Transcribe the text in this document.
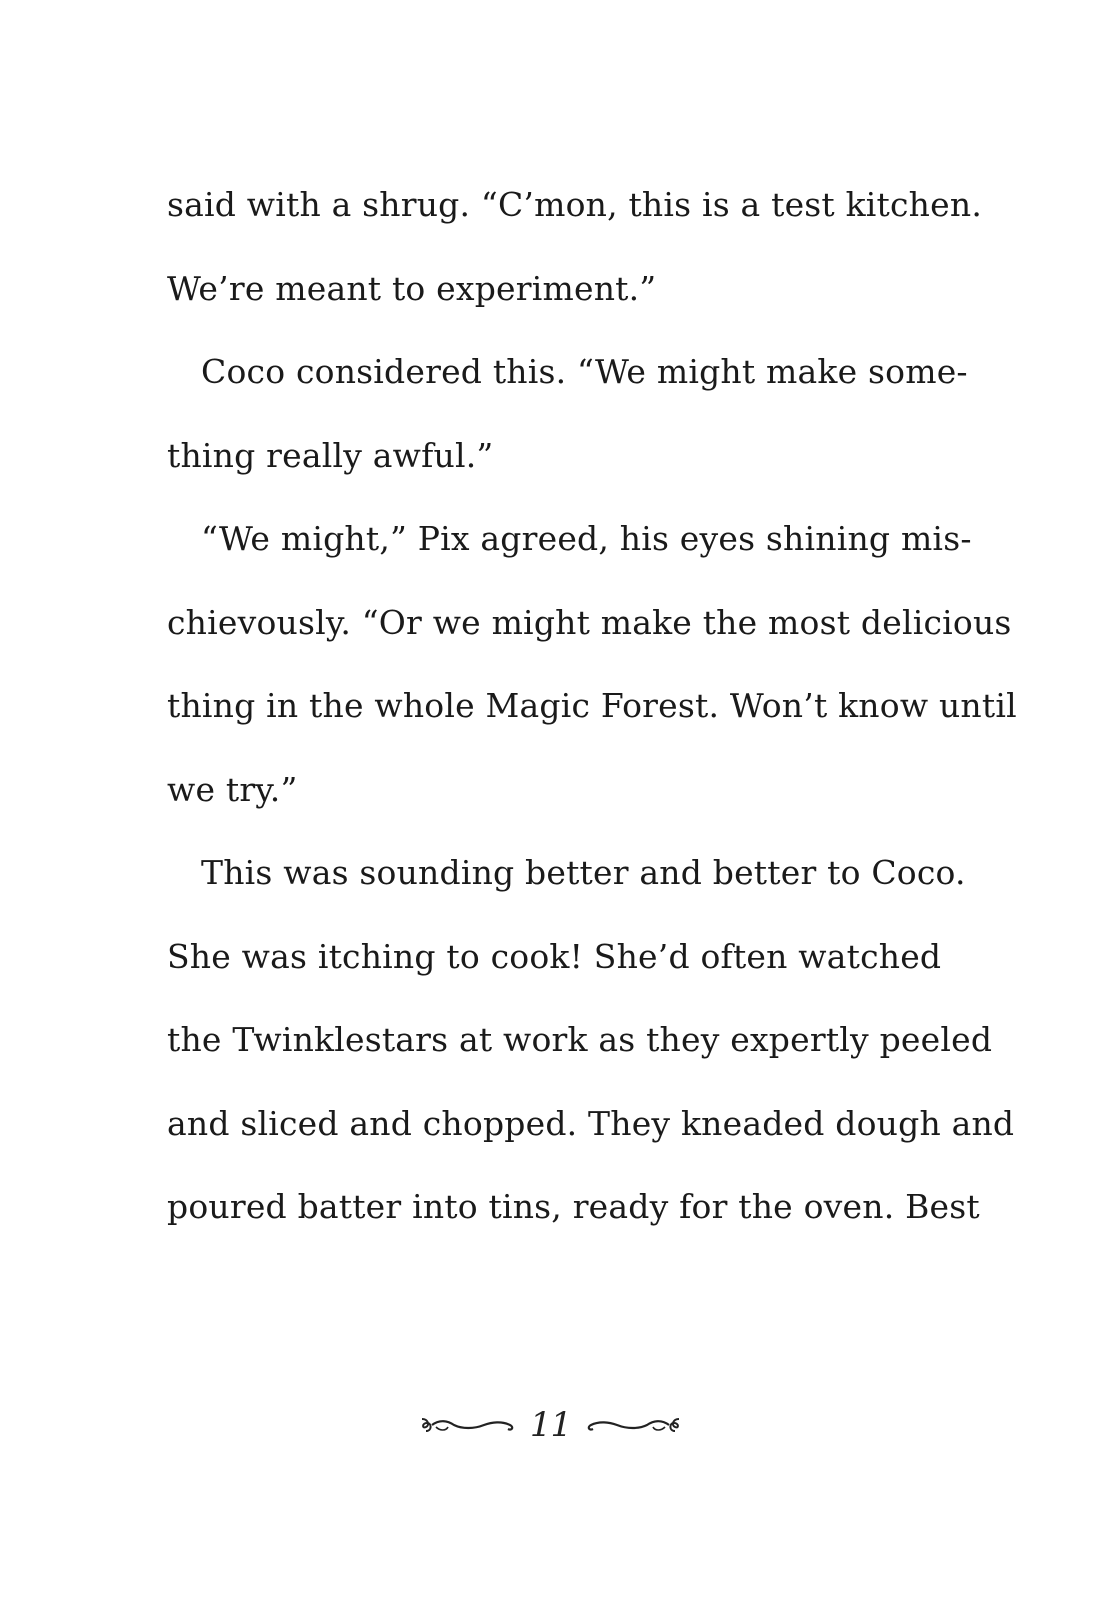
said with a shrug. “C’mon, this is a test kitchen.
We’re meant to experiment.”
Coco considered this. “We might make some-
thing really awful.”
“We might,” Pix agreed, his eyes shining mis-
chievously. “Or we might make the most delicious
thing in the whole Magic Forest. Won’t know until
we try.”
This was sounding better and better to Coco.
She was itching to cook! She’d often watched
the Twinklestars at work as they expertly peeled
and sliced and chopped. They kneaded dough and
poured batter into tins, ready for the oven. Best
11
